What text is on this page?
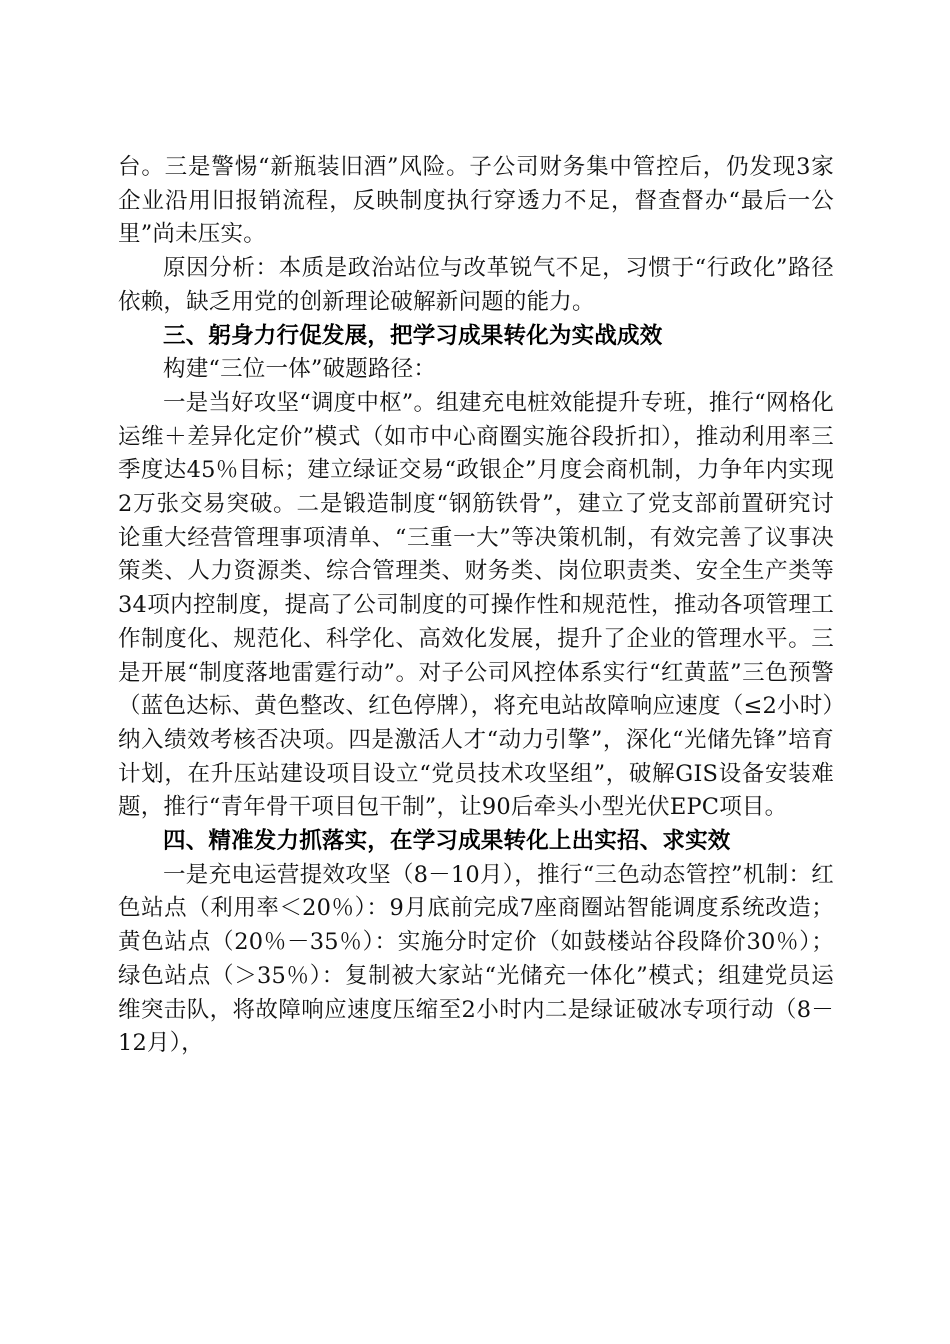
台。三是警惕“新瓶装旧酒”风险。子公司财务集中管控后，仍发现3家企业沿用旧报销流程，反映制度执行穿透力不足，督查督办“最后一公里”尚未压实。

原因分析：本质是政治站位与改革锐气不足，习惯于“行政化”路径依赖，缺乏用党的创新理论破解新问题的能力。

三、躬身力行促发展，把学习成果转化为实战成效

构建“三位一体”破题路径：

一是当好攻坚“调度中枢”。组建充电桩效能提升专班，推行“网格化运维＋差异化定价”模式（如市中心商圈实施谷段折扣），推动利用率三季度达45％目标；建立绿证交易“政银企”月度会商机制，力争年内实现2万张交易突破。二是锻造制度“钢筋铁骨”，建立了党支部前置研究讨论重大经营管理事项清单、“三重一大”等决策机制，有效完善了议事决策类、人力资源类、综合管理类、财务类、岗位职责类、安全生产类等34项内控制度，提高了公司制度的可操作性和规范性，推动各项管理工作制度化、规范化、科学化、高效化发展，提升了企业的管理水平。三是开展“制度落地雷霆行动”。对子公司风控体系实行“红黄蓝”三色预警（蓝色达标、黄色整改、红色停牌），将充电站故障响应速度（≤2小时）纳入绩效考核否决项。四是激活人才“动力引擎”，深化“光储先锋”培育计划，在升压站建设项目设立“党员技术攻坚组”，破解GIS设备安装难题，推行“青年骨干项目包干制”，让90后牵头小型光伏EPC项目。

四、精准发力抓落实，在学习成果转化上出实招、求实效

一是充电运营提效攻坚（8－10月），推行“三色动态管控”机制：红色站点（利用率＜20％）：9月底前完成7座商圈站智能调度系统改造；黄色站点（20％－35％）：实施分时定价（如鼓楼站谷段降价30％）；绿色站点（＞35％）：复制被大家站“光储充一体化”模式；组建党员运维突击队，将故障响应速度压缩至2小时内二是绿证破冰专项行动（8－12月），
